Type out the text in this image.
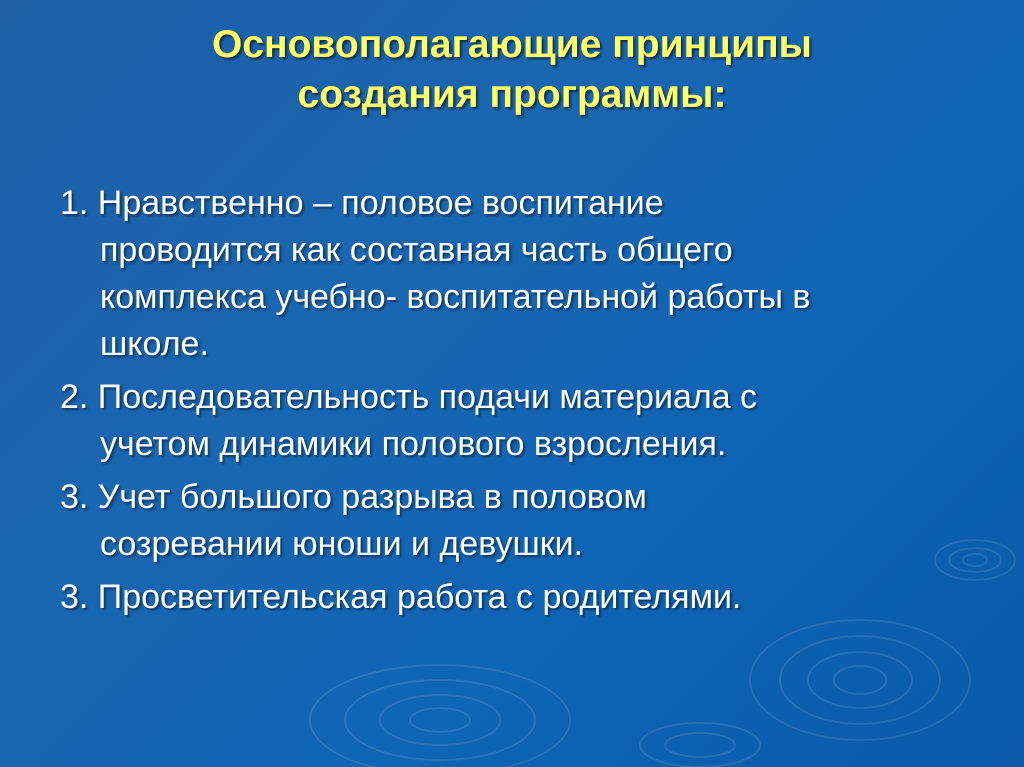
Основополагающие принципы
создания программы:
1. Нравственно – половое воспитание
проводится как составная часть общего
комплекса учебно- воспитательной работы в
школе.
2. Последовательность подачи материала с
учетом динамики полового взросления.
3. Учет большого разрыва в половом
созревании юноши и девушки.
3. Просветительская работа с родителями.
